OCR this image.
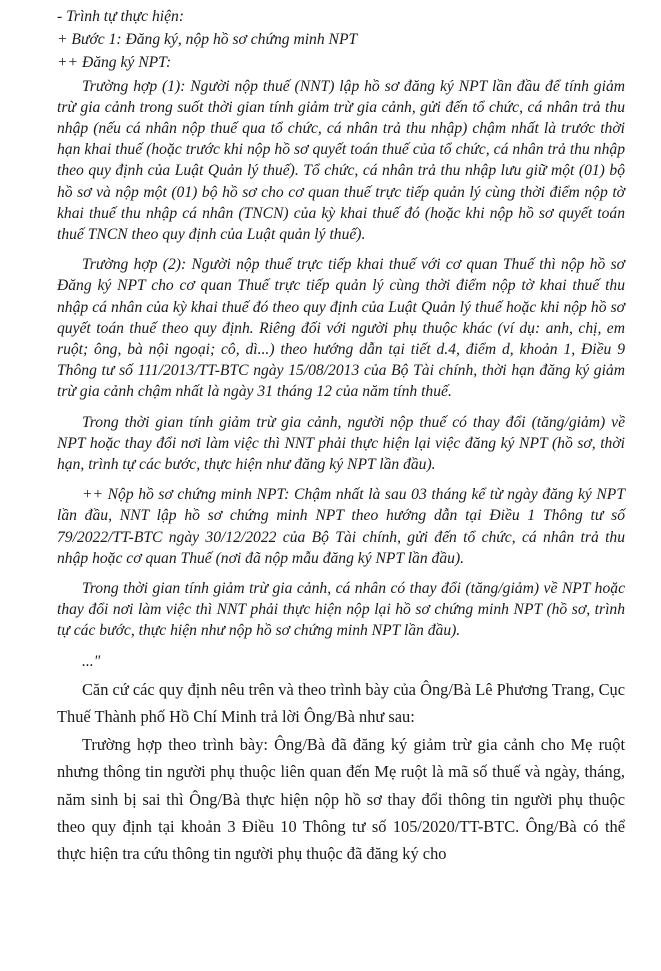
- Trình tự thực hiện:

+ Bước 1: Đăng ký, nộp hồ sơ chứng minh NPT

++ Đăng ký NPT:

Trường hợp (1): Người nộp thuế (NNT) lập hồ sơ đăng ký NPT lần đầu để tính giảm trừ gia cảnh trong suốt thời gian tính giảm trừ gia cảnh, gửi đến tổ chức, cá nhân trả thu nhập (nếu cá nhân nộp thuế qua tổ chức, cá nhân trả thu nhập) chậm nhất là trước thời hạn khai thuế (hoặc trước khi nộp hồ sơ quyết toán thuế của tổ chức, cá nhân trả thu nhập theo quy định của Luật Quản lý thuế). Tổ chức, cá nhân trả thu nhập lưu giữ một (01) bộ hồ sơ và nộp một (01) bộ hồ sơ cho cơ quan thuế trực tiếp quản lý cùng thời điểm nộp tờ khai thuế thu nhập cá nhân (TNCN) của kỳ khai thuế đó (hoặc khi nộp hồ sơ quyết toán thuế TNCN theo quy định của Luật quản lý thuế).

Trường hợp (2): Người nộp thuế trực tiếp khai thuế với cơ quan Thuế thì nộp hồ sơ Đăng ký NPT cho cơ quan Thuế trực tiếp quản lý cùng thời điểm nộp tờ khai thuế thu nhập cá nhân của kỳ khai thuế đó theo quy định của Luật Quản lý thuế hoặc khi nộp hồ sơ quyết toán thuế theo quy định. Riêng đối với người phụ thuộc khác (ví dụ: anh, chị, em ruột; ông, bà nội ngoại; cô, dì...) theo hướng dẫn tại tiết d.4, điểm d, khoản 1, Điều 9 Thông tư số 111/2013/TT-BTC ngày 15/08/2013 của Bộ Tài chính, thời hạn đăng ký giảm trừ gia cảnh chậm nhất là ngày 31 tháng 12 của năm tính thuế.

Trong thời gian tính giảm trừ gia cảnh, người nộp thuế có thay đổi (tăng/giảm) về NPT hoặc thay đổi nơi làm việc thì NNT phải thực hiện lại việc đăng ký NPT (hồ sơ, thời hạn, trình tự các bước, thực hiện như đăng ký NPT lần đầu).

++ Nộp hồ sơ chứng minh NPT: Chậm nhất là sau 03 tháng kể từ ngày đăng ký NPT lần đầu, NNT lập hồ sơ chứng minh NPT theo hướng dẫn tại Điều 1 Thông tư số 79/2022/TT-BTC ngày 30/12/2022 của Bộ Tài chính, gửi đến tổ chức, cá nhân trả thu nhập hoặc cơ quan Thuế (nơi đã nộp mẫu đăng ký NPT lần đầu).

Trong thời gian tính giảm trừ gia cảnh, cá nhân có thay đổi (tăng/giảm) về NPT hoặc thay đổi nơi làm việc thì NNT phải thực hiện nộp lại hồ sơ chứng minh NPT (hồ sơ, trình tự các bước, thực hiện như nộp hồ sơ chứng minh NPT lần đầu).

..."

Căn cứ các quy định nêu trên và theo trình bày của Ông/Bà Lê Phương Trang, Cục Thuế Thành phố Hồ Chí Minh trả lời Ông/Bà như sau:

Trường hợp theo trình bày: Ông/Bà đã đăng ký giảm trừ gia cảnh cho Mẹ ruột nhưng thông tin người phụ thuộc liên quan đến Mẹ ruột là mã số thuế và ngày, tháng, năm sinh bị sai thì Ông/Bà thực hiện nộp hồ sơ thay đổi thông tin người phụ thuộc theo quy định tại khoản 3 Điều 10 Thông tư số 105/2020/TT-BTC. Ông/Bà có thể thực hiện tra cứu thông tin người phụ thuộc đã đăng ký cho
